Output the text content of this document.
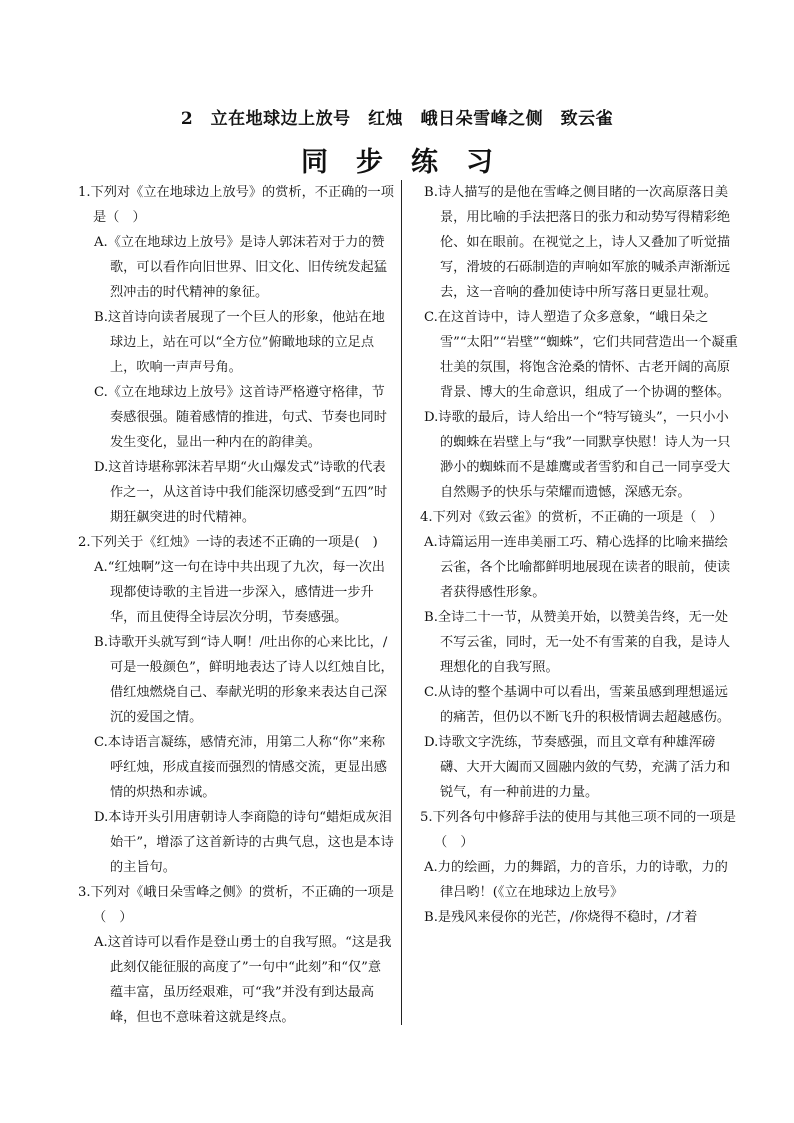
2　立在地球边上放号　红烛　峨日朵雪峰之侧　致云雀
同步练习

1.下列对《立在地球边上放号》的赏析，不正确的一项是（　）

A.《立在地球边上放号》是诗人郭沫若对于力的赞歌，可以看作向旧世界、旧文化、旧传统发起猛烈冲击的时代精神的象征。

B.这首诗向读者展现了一个巨人的形象，他站在地球边上，站在可以“全方位”俯瞰地球的立足点上，吹响一声声号角。

C.《立在地球边上放号》这首诗严格遵守格律，节奏感很强。随着感情的推进，句式、节奏也同时发生变化，显出一种内在的韵律美。

D.这首诗堪称郭沫若早期“火山爆发式”诗歌的代表作之一，从这首诗中我们能深切感受到“五四”时期狂飙突进的时代精神。

2.下列关于《红烛》一诗的表述不正确的一项是(　)

A.“红烛啊”这一句在诗中共出现了九次，每一次出现都使诗歌的主旨进一步深入，感情进一步升华，而且使得全诗层次分明，节奏感强。

B.诗歌开头就写到“诗人啊！/吐出你的心来比比，/可是一般颜色”，鲜明地表达了诗人以红烛自比，借红烛燃烧自己、奉献光明的形象来表达自己深沉的爱国之情。

C.本诗语言凝练，感情充沛，用第二人称“你”来称呼红烛，形成直接而强烈的情感交流，更显出感情的炽热和赤诚。

D.本诗开头引用唐朝诗人李商隐的诗句“蜡炬成灰泪始干”，增添了这首新诗的古典气息，这也是本诗的主旨句。

3.下列对《峨日朵雪峰之侧》的赏析，不正确的一项是（　）

A.这首诗可以看作是登山勇士的自我写照。“这是我此刻仅能征服的高度了”一句中“此刻”和“仅”意蕴丰富，虽历经艰难，可“我”并没有到达最高峰，但也不意味着这就是终点。

B.诗人描写的是他在雪峰之侧目睹的一次高原落日美景，用比喻的手法把落日的张力和动势写得精彩绝伦、如在眼前。在视觉之上，诗人又叠加了听觉描写，滑坡的石砾制造的声响如军旅的喊杀声渐渐远去，这一音响的叠加使诗中所写落日更显壮观。

C.在这首诗中，诗人塑造了众多意象，“峨日朵之雪”“太阳”“岩壁”“蜘蛛”，它们共同营造出一个凝重壮美的氛围，将饱含沧桑的情怀、古老开阔的高原背景、博大的生命意识，组成了一个协调的整体。

D.诗歌的最后，诗人给出一个“特写镜头”，一只小小的蜘蛛在岩壁上与“我”一同默享快慰！诗人为一只渺小的蜘蛛而不是雄鹰或者雪豹和自己一同享受大自然赐予的快乐与荣耀而遗憾，深感无奈。

4.下列对《致云雀》的赏析，不正确的一项是（　）

A.诗篇运用一连串美丽工巧、精心选择的比喻来描绘云雀，各个比喻都鲜明地展现在读者的眼前，使读者获得感性形象。

B.全诗二十一节，从赞美开始，以赞美告终，无一处不写云雀，同时，无一处不有雪莱的自我，是诗人理想化的自我写照。

C.从诗的整个基调中可以看出，雪莱虽感到理想遥远的痛苦，但仍以不断飞升的积极情调去超越感伤。

D.诗歌文字洗练，节奏感强，而且文章有种雄浑磅礴、大开大阖而又圆融内敛的气势，充满了活力和锐气，有一种前进的力量。

5.下列各句中修辞手法的使用与其他三项不同的一项是（　）

A.力的绘画，力的舞蹈，力的音乐，力的诗歌，力的律吕哟！(《立在地球边上放号》

B.是残风来侵你的光芒，/你烧得不稳时，/才着
